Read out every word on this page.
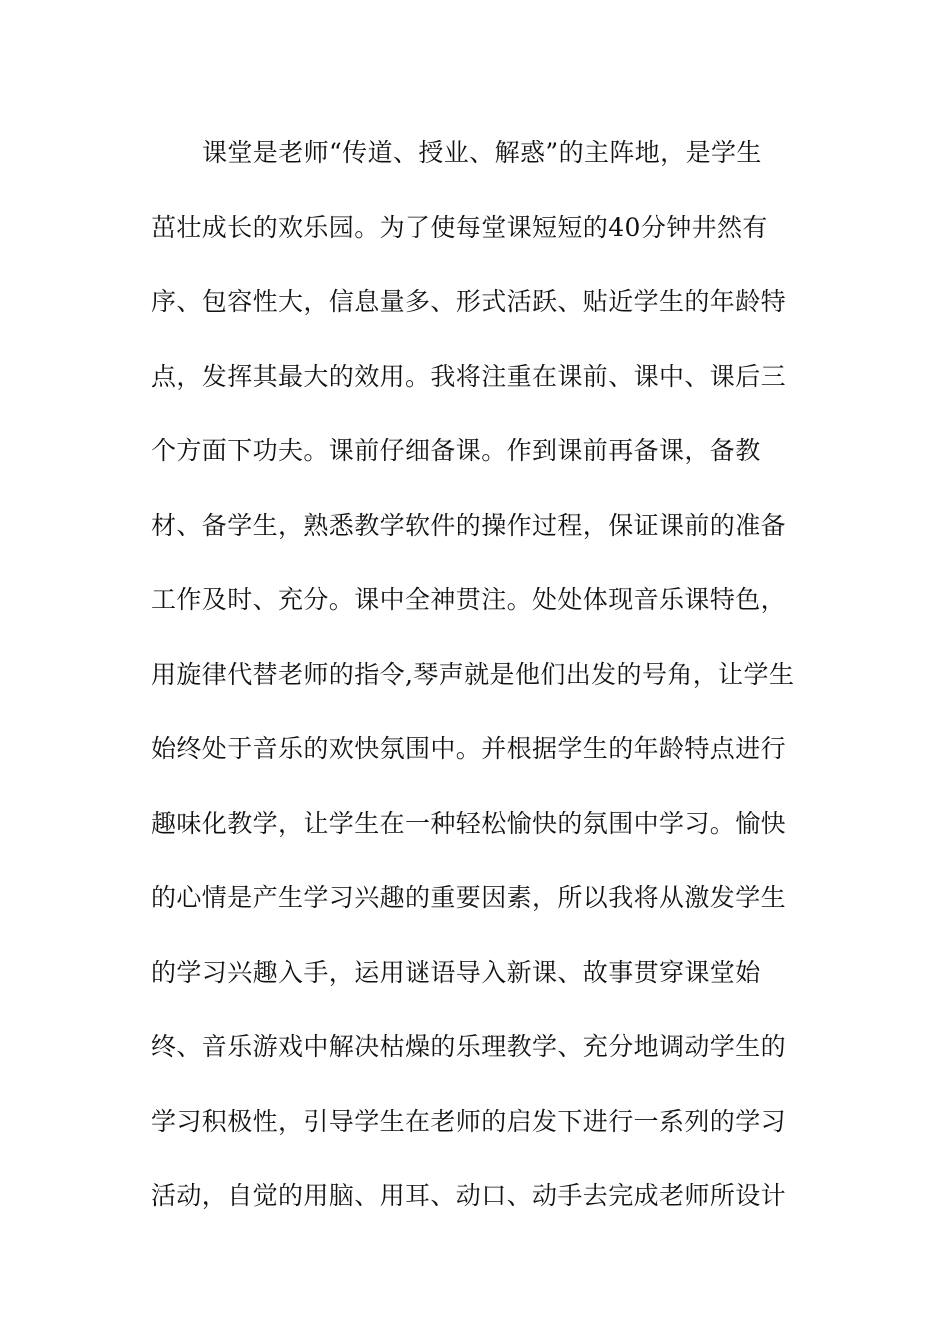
课堂是老师“传道、授业、解惑”的主阵地，是学生
茁壮成长的欢乐园。为了使每堂课短短的40分钟井然有
序、包容性大，信息量多、形式活跃、贴近学生的年龄特
点，发挥其最大的效用。我将注重在课前、课中、课后三
个方面下功夫。课前仔细备课。作到课前再备课，备教
材、备学生，熟悉教学软件的操作过程，保证课前的准备
工作及时、充分。课中全神贯注。处处体现音乐课特色，
用旋律代替老师的指令,琴声就是他们出发的号角，让学生
始终处于音乐的欢快氛围中。并根据学生的年龄特点进行
趣味化教学，让学生在一种轻松愉快的氛围中学习。愉快
的心情是产生学习兴趣的重要因素，所以我将从激发学生
的学习兴趣入手，运用谜语导入新课、故事贯穿课堂始
终、音乐游戏中解决枯燥的乐理教学、充分地调动学生的
学习积极性，引导学生在老师的启发下进行一系列的学习
活动，自觉的用脑、用耳、动口、动手去完成老师所设计
